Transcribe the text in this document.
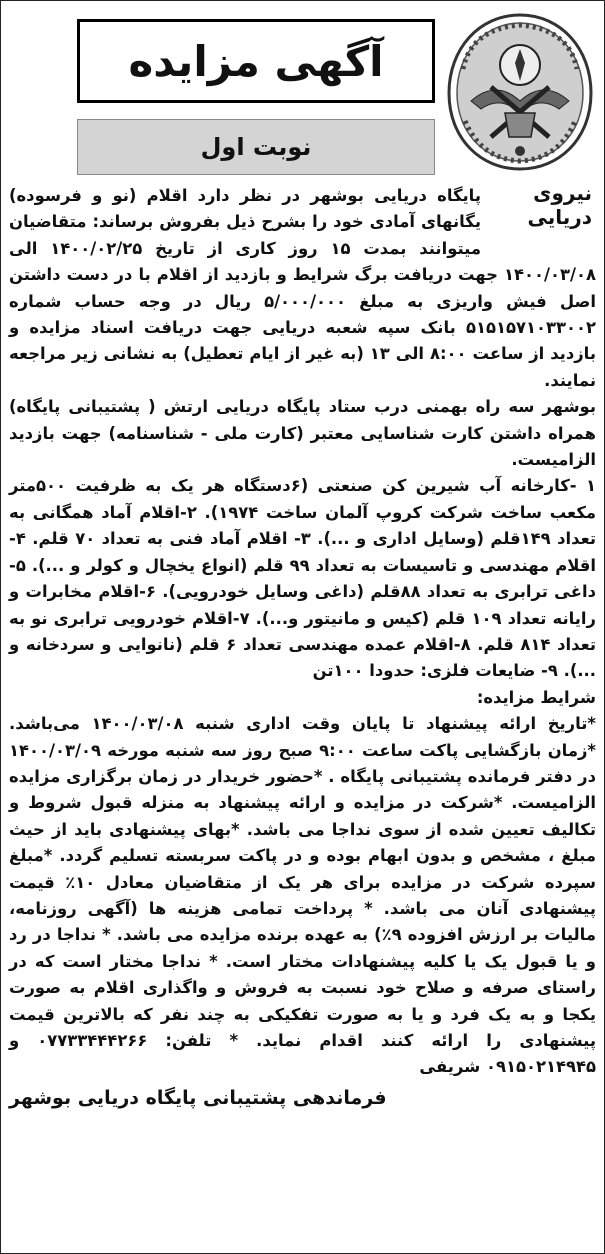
آگهی مزایده
نوبت اول
نیروی دریایی

پایگاه دریایی بوشهر در نظر دارد اقلام (نو و فرسوده) یگانهای آمادی خود را بشرح ذیل بفروش برساند: متقاضیان میتوانند بمدت ۱۵ روز کاری از تاریخ ۱۴۰۰/۰۲/۲۵ الی ۱۴۰۰/۰۳/۰۸ جهت دریافت برگ شرایط و بازدید از اقلام با در دست داشتن اصل فیش واریزی به مبلغ ۵/۰۰۰/۰۰۰ ریال در وجه حساب شماره ۵۱۵۱۵۷۱۰۳۳۰۰۲ بانک سپه شعبه دریایی جهت دریافت اسناد مزایده و بازدید از ساعت ۸:۰۰ الی ۱۳ (به غیر از ایام تعطیل) به نشانی زیر مراجعه نمایند.

بوشهر سه راه بهمنی درب ستاد پایگاه دریایی ارتش ( پشتیبانی پایگاه) همراه داشتن کارت شناسایی معتبر (کارت ملی - شناسنامه) جهت بازدید الزامیست.

۱ -کارخانه آب شیرین کن صنعتی (۶دستگاه هر یک به ظرفیت ۵۰۰متر مکعب ساخت شرکت کروپ آلمان ساخت ۱۹۷۴). ۲-اقلام آماد همگانی به تعداد ۱۴۹قلم (وسایل اداری و ...). ۳- اقلام آماد فنی به تعداد ۷۰ قلم. ۴-اقلام مهندسی و تاسیسات به تعداد ۹۹ قلم (انواع یخچال و کولر و ...). ۵- داغی ترابری به تعداد ۸۸قلم (داغی وسایل خودرویی). ۶-اقلام مخابرات و رایانه تعداد ۱۰۹ قلم (کیس و مانیتور و...). ۷-اقلام خودرویی ترابری نو به تعداد ۸۱۴ قلم. ۸-اقلام عمده مهندسی تعداد ۶ قلم (نانوایی و سردخانه و ...). ۹- ضایعات فلزی: حدودا ۱۰۰تن

شرایط مزایده:

*تاریخ ارائه پیشنهاد تا پایان وقت اداری شنبه ۱۴۰۰/۰۳/۰۸ می‌باشد. *زمان بازگشایی پاکت ساعت ۹:۰۰ صبح روز سه شنبه مورخه ۱۴۰۰/۰۳/۰۹ در دفتر فرمانده پشتیبانی پایگاه . *حضور خریدار در زمان برگزاری مزایده الزامیست. *شرکت در مزایده و ارائه پیشنهاد به منزله قبول شروط و تکالیف تعیین شده از سوی نداجا می باشد. *بهای پیشنهادی باید از حیث مبلغ ، مشخص و بدون ابهام بوده و در پاکت سربسته تسلیم گردد. *مبلغ سپرده شرکت در مزایده برای هر یک از متقاضیان معادل ۱۰٪ قیمت پیشنهادی آنان می باشد. * پرداخت تمامی هزینه ها (آگهی روزنامه، مالیات بر ارزش افزوده ۹٪) به عهده برنده مزایده می باشد. * نداجا در رد و یا قبول یک یا کلیه پیشنهادات مختار است. * نداجا مختار است که در راستای صرفه و صلاح خود نسبت به فروش و واگذاری اقلام به صورت یکجا و به یک فرد و یا به صورت تفکیکی به چند نفر که بالاترین قیمت پیشنهادی را ارائه کنند اقدام نماید. * تلفن: ۰۷۷۳۳۴۴۴۲۶۶ و ۰۹۱۵۰۲۱۴۹۴۵ شریفی

فرماندهی پشتیبانی پایگاه دریایی بوشهر
